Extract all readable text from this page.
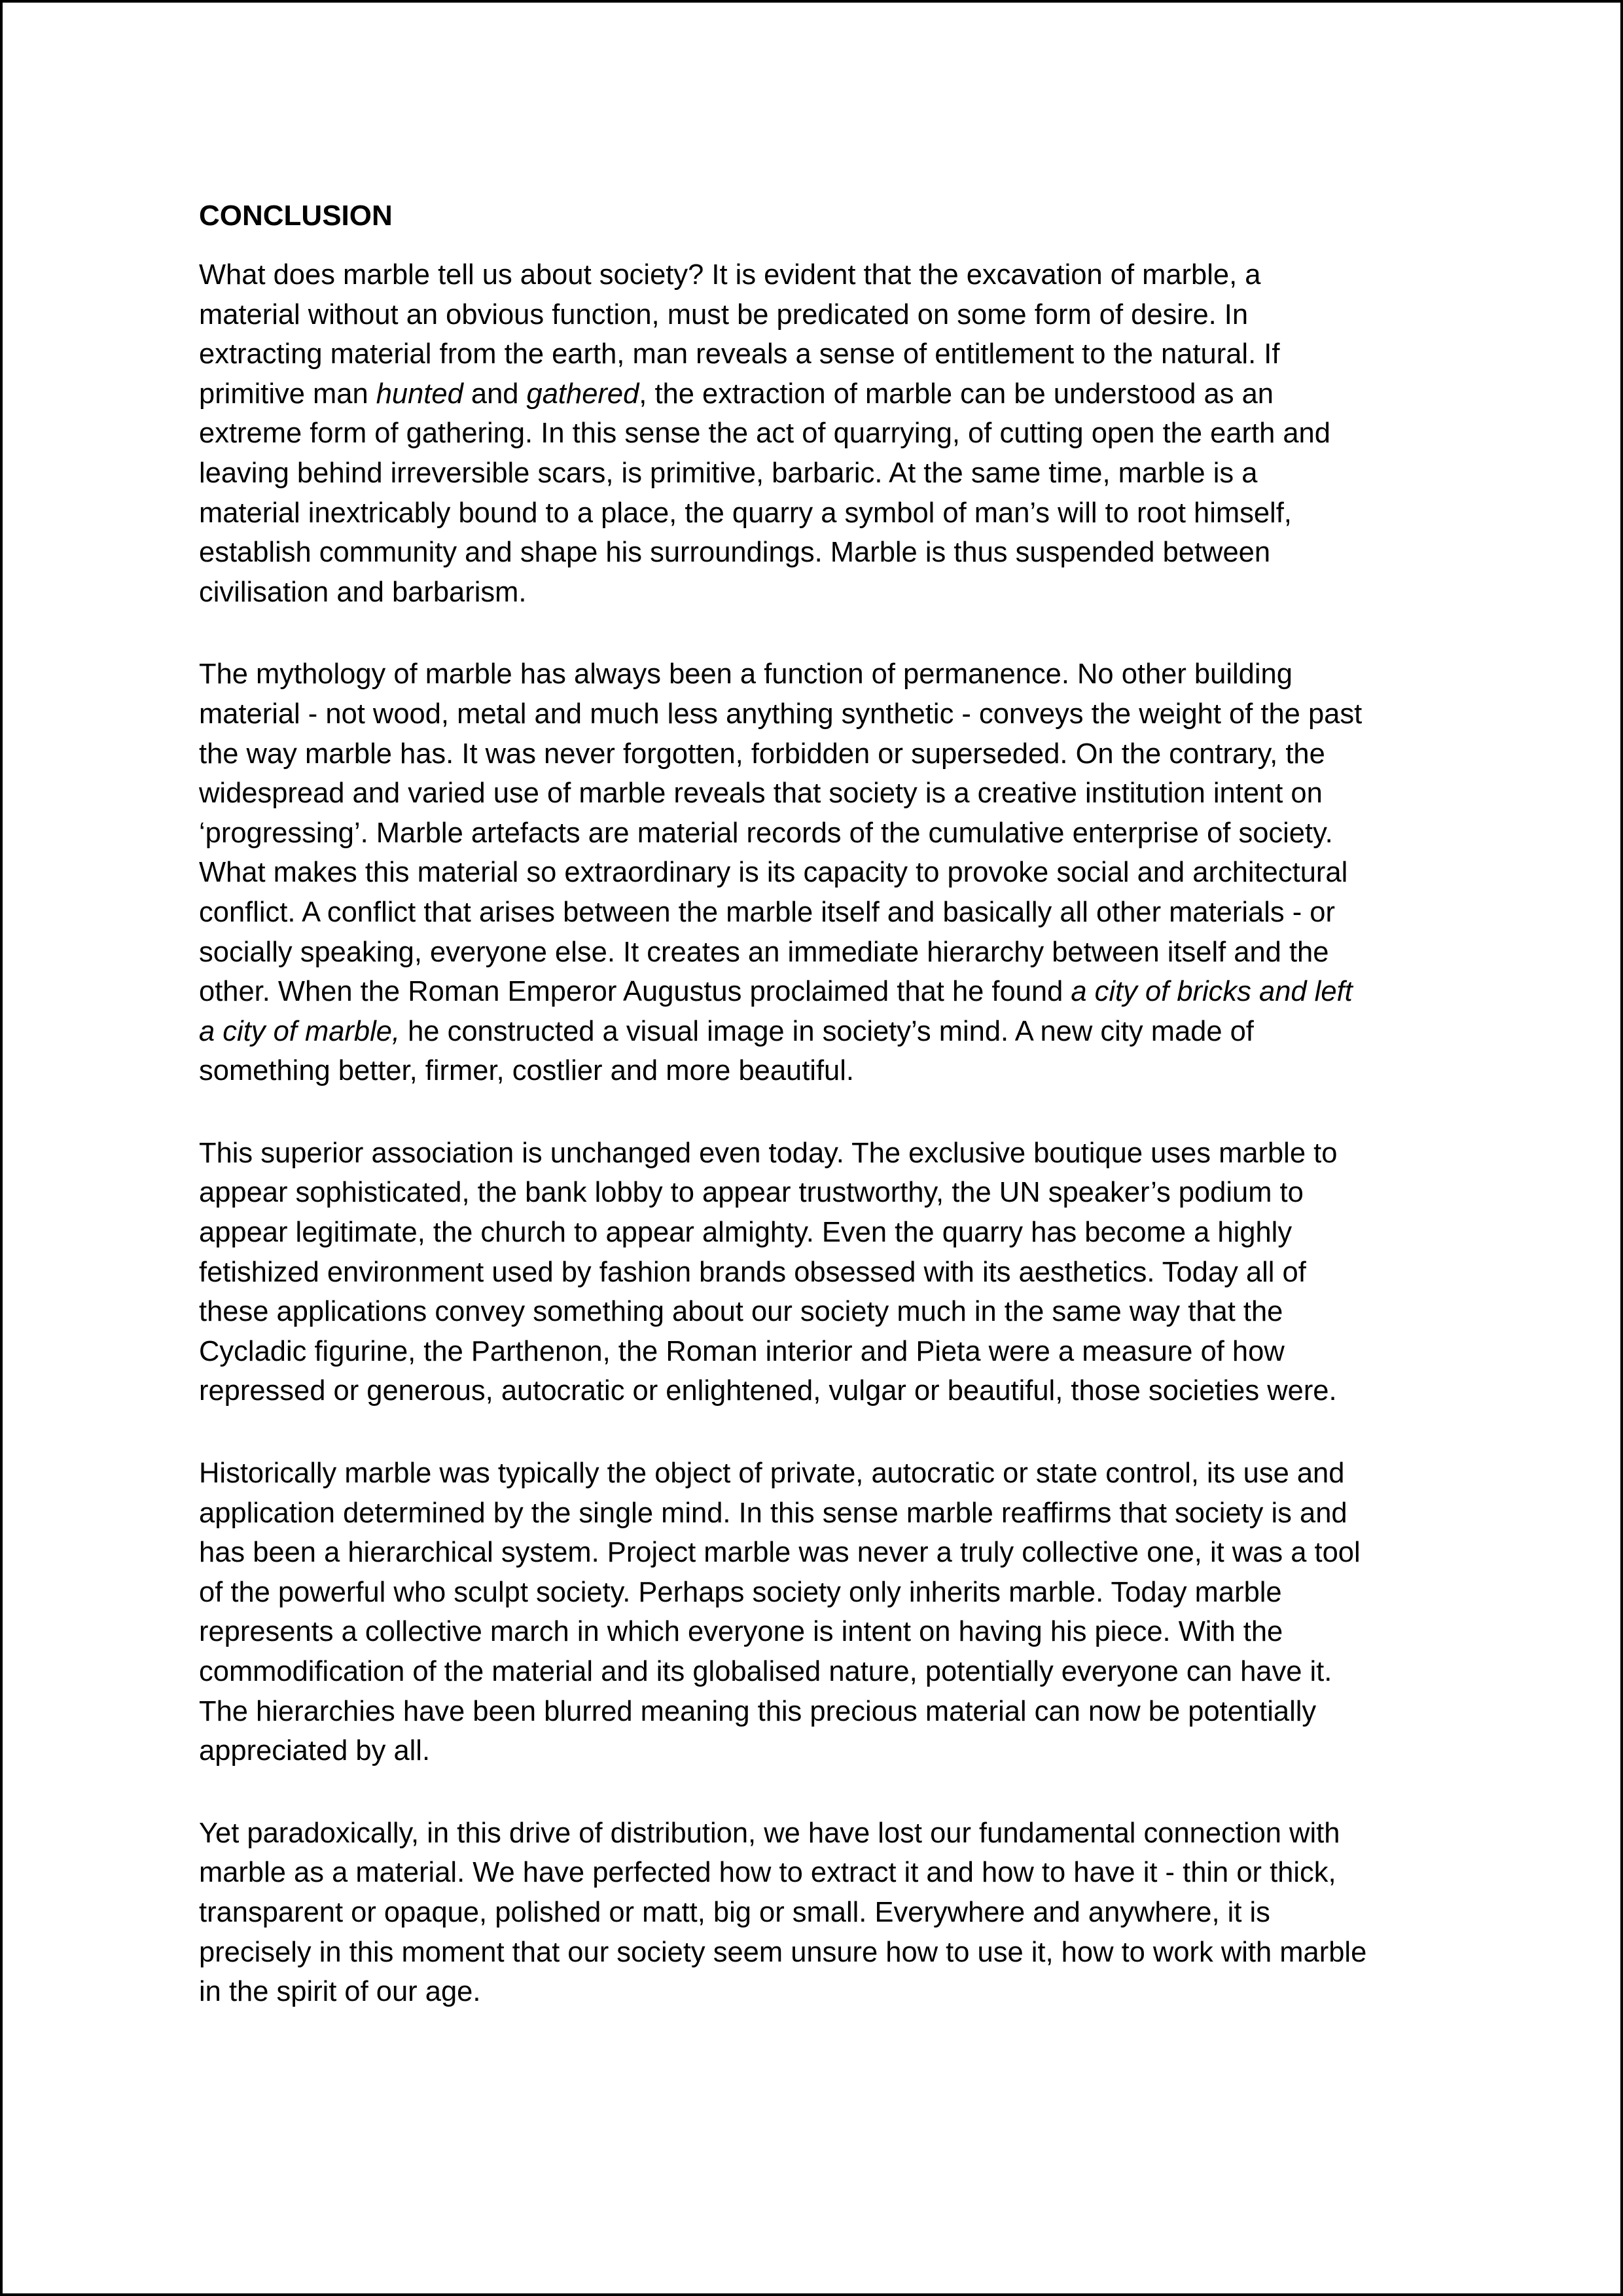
CONCLUSION
What does marble tell us about society? It is evident that the excavation of marble, a
material without an obvious function, must be predicated on some form of desire. In
extracting material from the earth, man reveals a sense of entitlement to the natural. If
primitive man hunted and gathered, the extraction of marble can be understood as an
extreme form of gathering. In this sense the act of quarrying, of cutting open the earth and
leaving behind irreversible scars, is primitive, barbaric. At the same time, marble is a
material inextricably bound to a place, the quarry a symbol of man’s will to root himself,
establish community and shape his surroundings. Marble is thus suspended between
civilisation and barbarism.
The mythology of marble has always been a function of permanence. No other building
material - not wood, metal and much less anything synthetic - conveys the weight of the past
the way marble has. It was never forgotten, forbidden or superseded. On the contrary, the
widespread and varied use of marble reveals that society is a creative institution intent on
‘progressing’. Marble artefacts are material records of the cumulative enterprise of society.
What makes this material so extraordinary is its capacity to provoke social and architectural
conflict. A conflict that arises between the marble itself and basically all other materials - or
socially speaking, everyone else. It creates an immediate hierarchy between itself and the
other. When the Roman Emperor Augustus proclaimed that he found a city of bricks and left
a city of marble, he constructed a visual image in society’s mind. A new city made of
something better, firmer, costlier and more beautiful.
This superior association is unchanged even today. The exclusive boutique uses marble to
appear sophisticated, the bank lobby to appear trustworthy, the UN speaker’s podium to
appear legitimate, the church to appear almighty. Even the quarry has become a highly
fetishized environment used by fashion brands obsessed with its aesthetics. Today all of
these applications convey something about our society much in the same way that the
Cycladic figurine, the Parthenon, the Roman interior and Pieta were a measure of how
repressed or generous, autocratic or enlightened, vulgar or beautiful, those societies were.
Historically marble was typically the object of private, autocratic or state control, its use and
application determined by the single mind. In this sense marble reaffirms that society is and
has been a hierarchical system. Project marble was never a truly collective one, it was a tool
of the powerful who sculpt society. Perhaps society only inherits marble. Today marble
represents a collective march in which everyone is intent on having his piece. With the
commodification of the material and its globalised nature, potentially everyone can have it.
The hierarchies have been blurred meaning this precious material can now be potentially
appreciated by all.
Yet paradoxically, in this drive of distribution, we have lost our fundamental connection with
marble as a material. We have perfected how to extract it and how to have it - thin or thick,
transparent or opaque, polished or matt, big or small. Everywhere and anywhere, it is
precisely in this moment that our society seem unsure how to use it, how to work with marble
in the spirit of our age.
